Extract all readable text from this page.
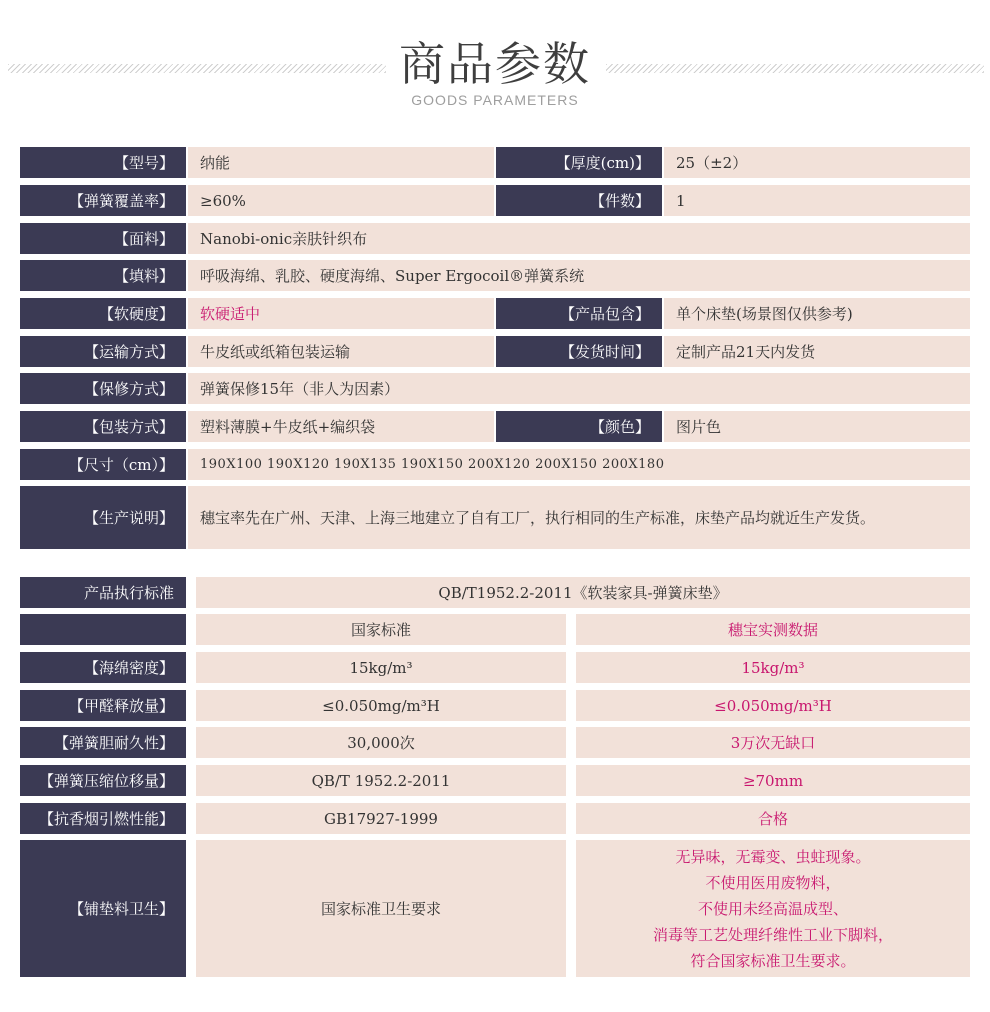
商品参数
GOODS PARAMETERS
【型号】	纳能	【厚度(cm)】	25（±2）
【弹簧覆盖率】	≥60%	【件数】	1
【面料】	Nanobi-onic亲肤针织布
【填料】	呼吸海绵、乳胶、硬度海绵、Super Ergocoil®弹簧系统
【软硬度】	软硬适中	【产品包含】	单个床垫(场景图仅供参考)
【运输方式】	牛皮纸或纸箱包装运输	【发货时间】	定制产品21天内发货
【保修方式】	弹簧保修15年（非人为因素）
【包装方式】	塑料薄膜+牛皮纸+编织袋	【颜色】	图片色
【尺寸（cm）】	190X100 190X120 190X135 190X150 200X120 200X150 200X180
【生产说明】	穗宝率先在广州、天津、上海三地建立了自有工厂，执行相同的生产标准，床垫产品均就近生产发货。
产品执行标准	QB/T1952.2-2011《软装家具-弹簧床垫》
国家标准	穗宝实测数据
【海绵密度】	15kg/m³	15kg/m³
【甲醛释放量】	≤0.050mg/m³H	≤0.050mg/m³H
【弹簧胆耐久性】	30,000次	3万次无缺口
【弹簧压缩位移量】	QB/T 1952.2-2011	≥70mm
【抗香烟引燃性能】	GB17927-1999	合格
【铺垫料卫生】	国家标准卫生要求
无异味，无霉变、虫蛀现象。
不使用医用废物料，
不使用未经高温成型、
消毒等工艺处理纤维性工业下脚料，
符合国家标准卫生要求。
